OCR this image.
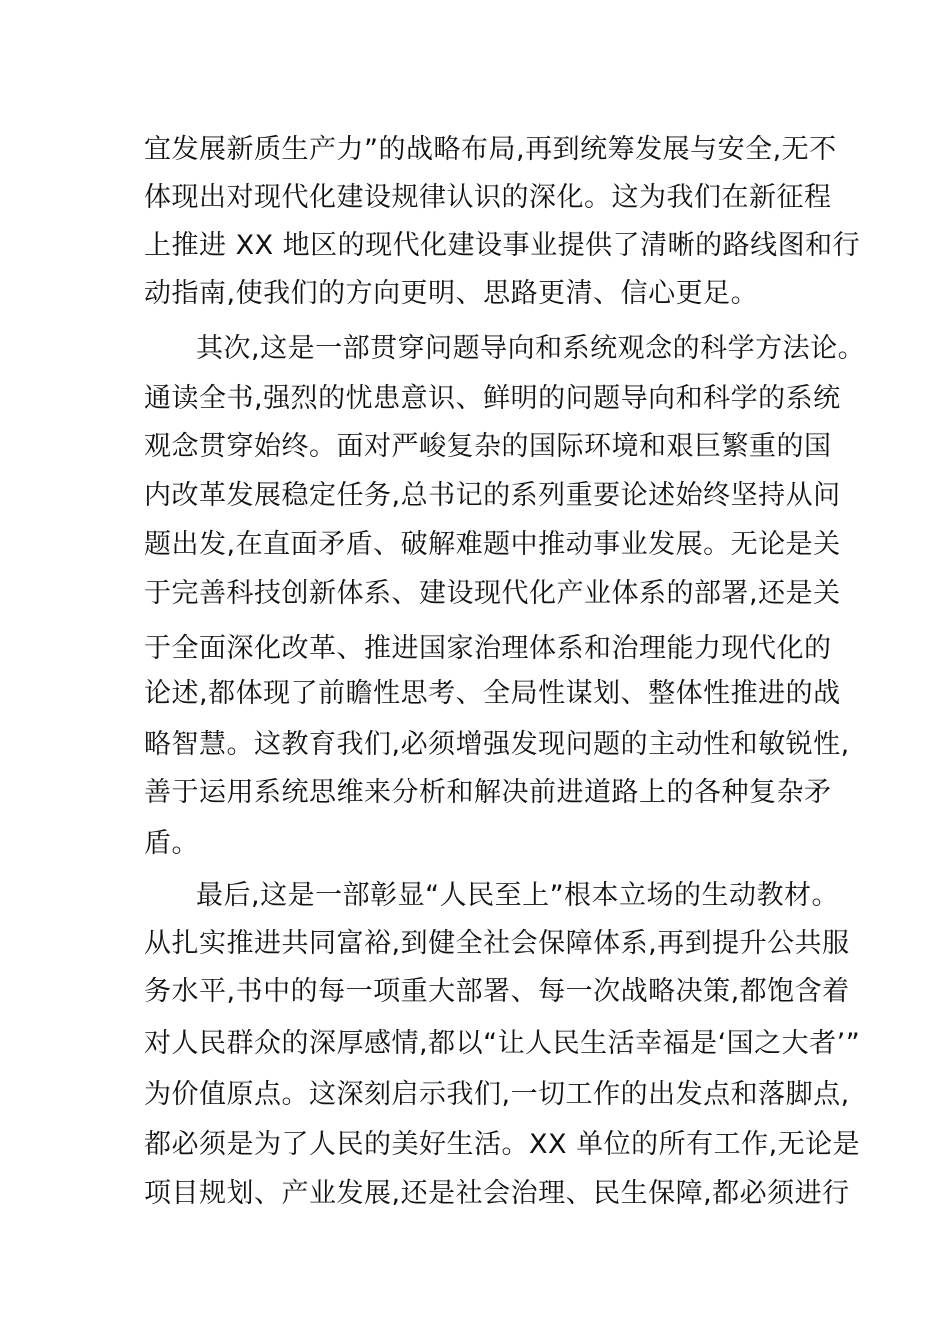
宜发展新质生产力”的战略布局,再到统筹发展与安全,无不
体现出对现代化建设规律认识的深化。这为我们在新征程
上推进 XX 地区的现代化建设事业提供了清晰的路线图和行
动指南,使我们的方向更明、思路更清、信心更足。
其次,这是一部贯穿问题导向和系统观念的科学方法论。
通读全书,强烈的忧患意识、鲜明的问题导向和科学的系统
观念贯穿始终。面对严峻复杂的国际环境和艰巨繁重的国
内改革发展稳定任务,总书记的系列重要论述始终坚持从问
题出发,在直面矛盾、破解难题中推动事业发展。无论是关
于完善科技创新体系、建设现代化产业体系的部署,还是关
于全面深化改革、推进国家治理体系和治理能力现代化的
论述,都体现了前瞻性思考、全局性谋划、整体性推进的战
略智慧。这教育我们,必须增强发现问题的主动性和敏锐性,
善于运用系统思维来分析和解决前进道路上的各种复杂矛
盾。
最后,这是一部彰显“人民至上”根本立场的生动教材。
从扎实推进共同富裕,到健全社会保障体系,再到提升公共服
务水平,书中的每一项重大部署、每一次战略决策,都饱含着
对人民群众的深厚感情,都以“让人民生活幸福是‘国之大者’”
为价值原点。这深刻启示我们,一切工作的出发点和落脚点,
都必须是为了人民的美好生活。XX 单位的所有工作,无论是
项目规划、产业发展,还是社会治理、民生保障,都必须进行
